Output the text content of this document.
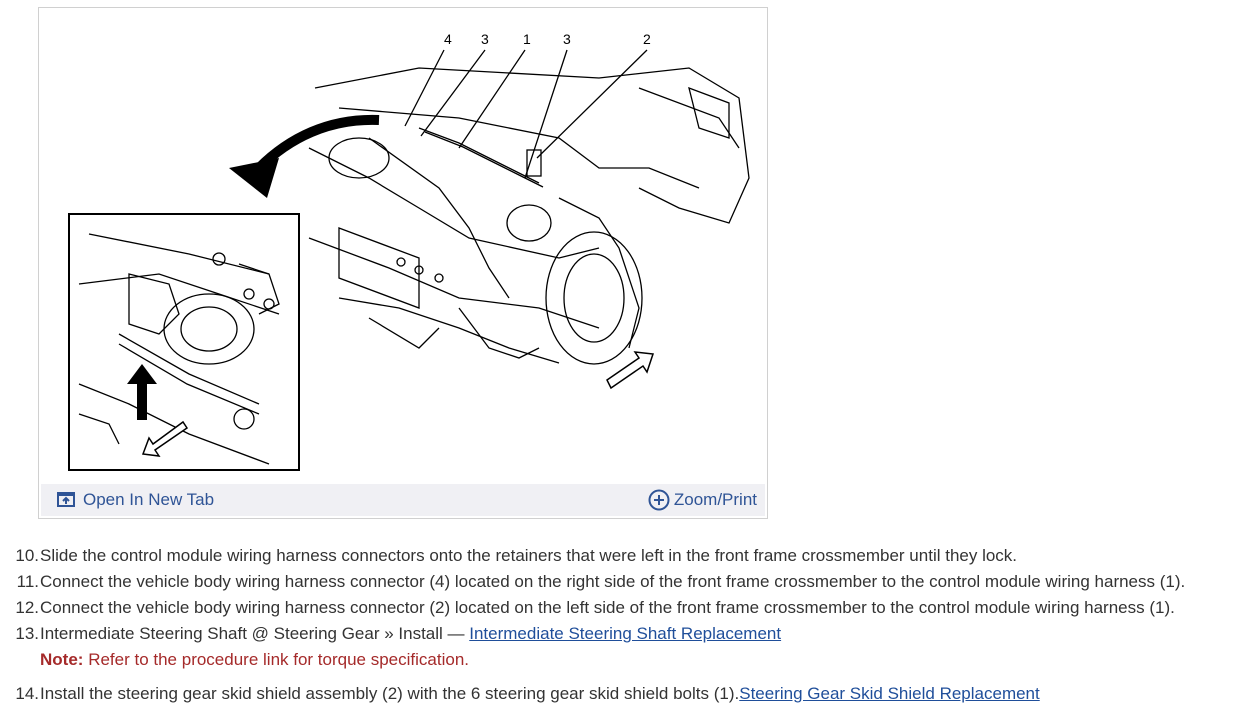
4 3 1 3	2
Open In New Tab	Zoom/Print
10. Slide the control module wiring harness connectors onto the retainers that were left in the front frame crossmember until they lock.
11. Connect the vehicle body wiring harness connector (4) located on the right side of the front frame crossmember to the control module wiring harness (1).
12. Connect the vehicle body wiring harness connector (2) located on the left side of the front frame crossmember to the control module wiring harness (1).
13. Intermediate Steering Shaft @ Steering Gear » Install — Intermediate Steering Shaft Replacement
Note: Refer to the procedure link for torque specification.
14. Install the steering gear skid shield assembly (2) with the 6 steering gear skid shield bolts (1).Steering Gear Skid Shield Replacement
